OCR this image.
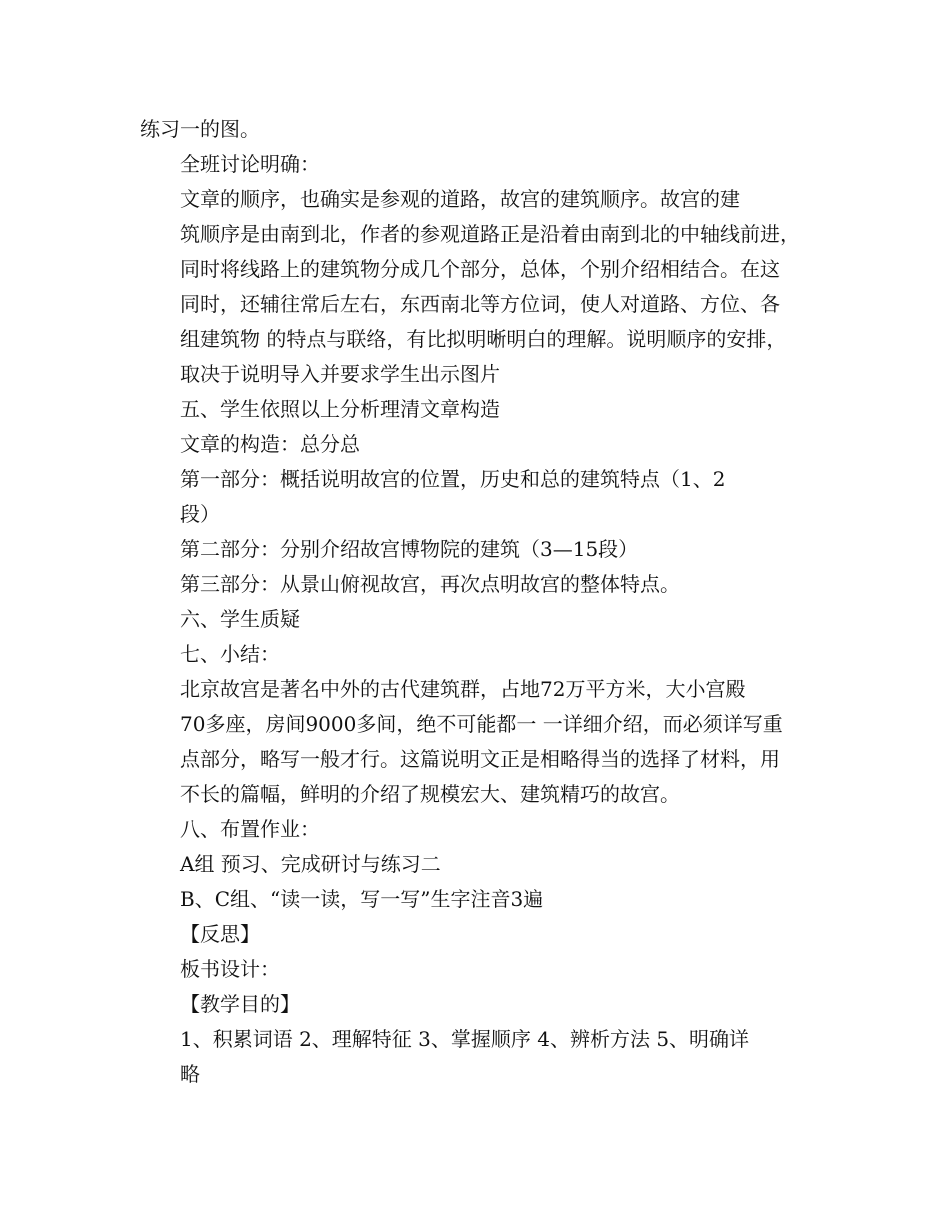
练习一的图。

全班讨论明确：

文章的顺序，也确实是参观的道路，故宫的建筑顺序。故宫的建
筑顺序是由南到北，作者的参观道路正是沿着由南到北的中轴线前进，
同时将线路上的建筑物分成几个部分，总体，个别介绍相结合。在这
同时，还辅往常后左右，东西南北等方位词，使人对道路、方位、各
组建筑物 的特点与联络，有比拟明晰明白的理解。说明顺序的安排，
取决于说明导入并要求学生出示图片

五、学生依照以上分析理清文章构造

文章的构造：总分总

第一部分：概括说明故宫的位置，历史和总的建筑特点（1、2
段）

第二部分：分别介绍故宫博物院的建筑（3—15段）

第三部分：从景山俯视故宫，再次点明故宫的整体特点。

六、学生质疑

七、小结：

北京故宫是著名中外的古代建筑群，占地72万平方米，大小宫殿
70多座，房间9000多间，绝不可能都一 一详细介绍，而必须详写重
点部分，略写一般才行。这篇说明文正是相略得当的选择了材料，用
不长的篇幅，鲜明的介绍了规模宏大、建筑精巧的故宫。

八、布置作业：

A组 预习、完成研讨与练习二

B、C组、“读一读，写一写”生字注音3遍

【反思】

板书设计：

【教学目的】

1、积累词语 2、理解特征 3、掌握顺序 4、辨析方法 5、明确详
略
